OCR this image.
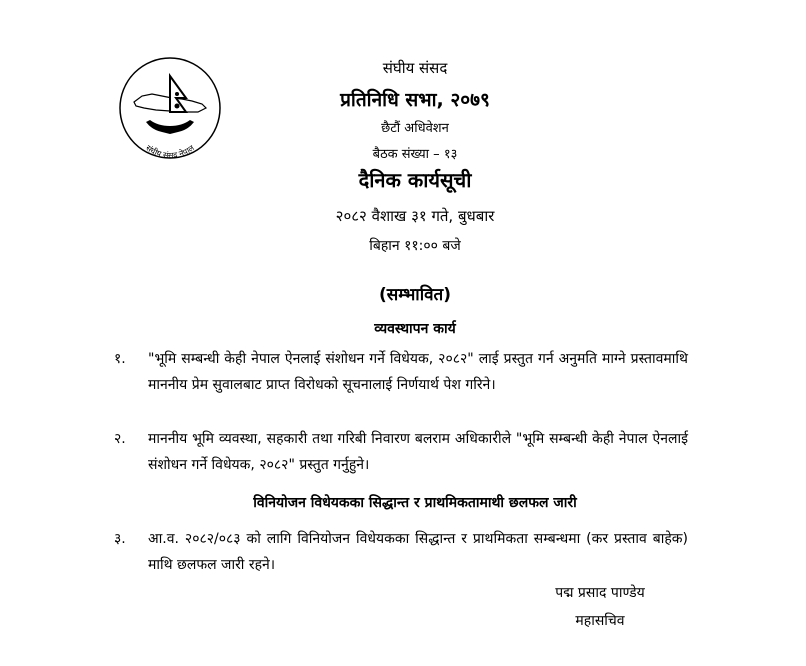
संघीय संसद नेपाल
संघीय संसद
प्रतिनिधि सभा, २०७९
छैटौं अधिवेशन
बैठक संख्या – १३
दैनिक कार्यसूची
२०८२ वैशाख ३१ गते, बुधबार
बिहान ११:०० बजे
(सम्भावित)
व्यवस्थापन कार्य
१. "भूमि सम्बन्धी केही नेपाल ऐनलाई संशोधन गर्ने विधेयक, २०८२" लाई प्रस्तुत गर्न अनुमति माग्ने प्रस्तावमाथि माननीय प्रेम सुवालबाट प्राप्त विरोधको सूचनालाई निर्णयार्थ पेश गरिने।
२. माननीय भूमि व्यवस्था, सहकारी तथा गरिबी निवारण बलराम अधिकारीले "भूमि सम्बन्धी केही नेपाल ऐनलाई संशोधन गर्ने विधेयक, २०८२" प्रस्तुत गर्नुहुने।
विनियोजन विधेयकका सिद्धान्त र प्राथमिकतामाथी छलफल जारी
३. आ.व. २०८२/०८३ को लागि विनियोजन विधेयकका सिद्धान्त र प्राथमिकता सम्बन्धमा (कर प्रस्ताव बाहेक) माथि छलफल जारी रहने।
पद्म प्रसाद पाण्डेय
महासचिव
